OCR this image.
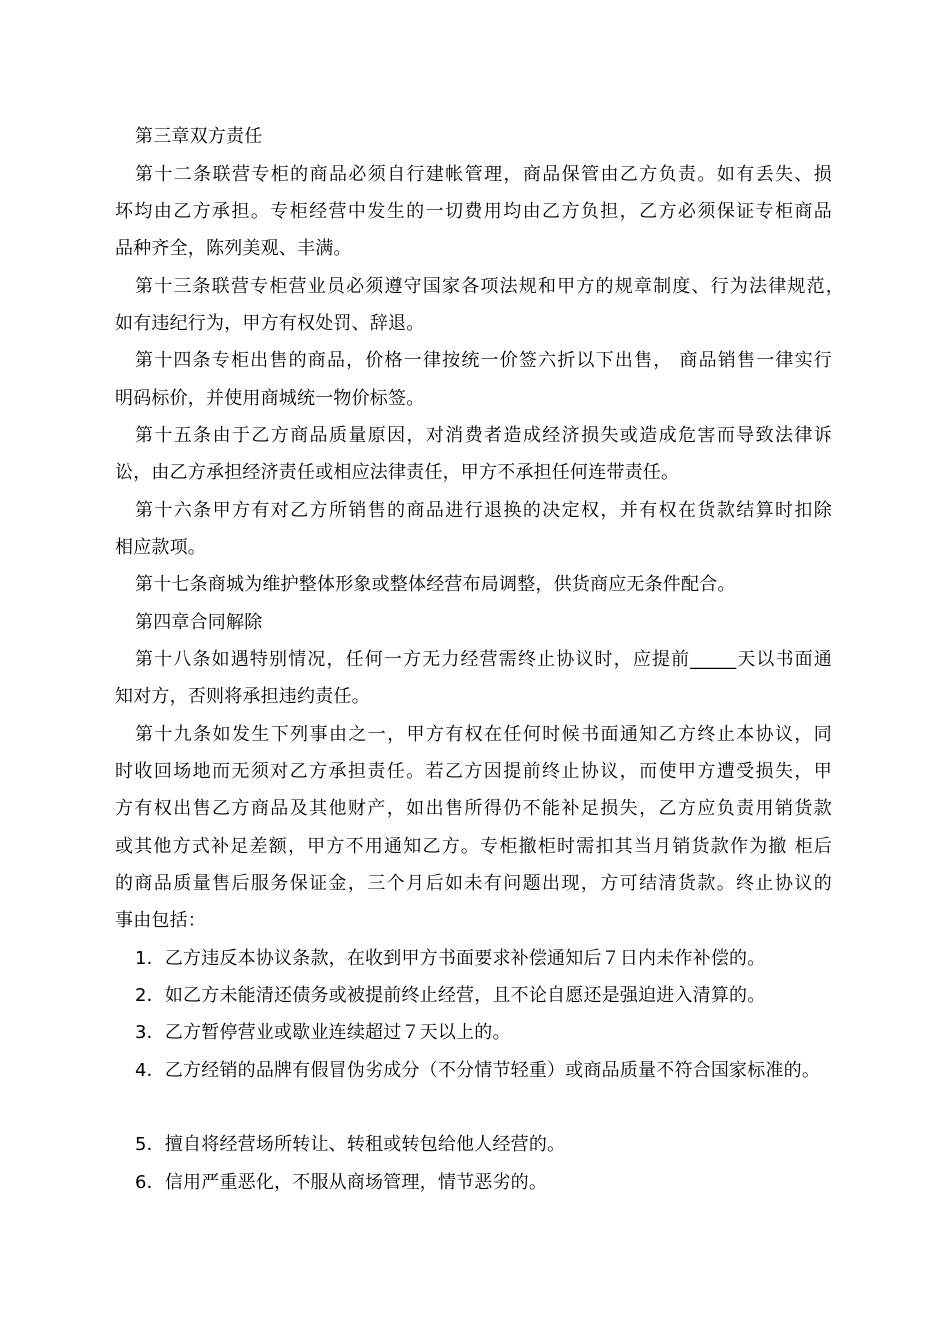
第三章双方责任
第十二条联营专柜的商品必须自行建帐管理，商品保管由乙方负责。如有丢失、损
坏均由乙方承担。专柜经营中发生的一切费用均由乙方负担，乙方必须保证专柜商品
品种齐全，陈列美观、丰满。
第十三条联营专柜营业员必须遵守国家各项法规和甲方的规章制度、行为法律规范，
如有违纪行为，甲方有权处罚、辞退。
第十四条专柜出售的商品，价格一律按统一价签六折以下出售， 商品销售一律实行
明码标价，并使用商城统一物价标签。
第十五条由于乙方商品质量原因，对消费者造成经济损失或造成危害而导致法律诉
讼，由乙方承担经济责任或相应法律责任，甲方不承担任何连带责任。
第十六条甲方有对乙方所销售的商品进行退换的决定权，并有权在货款结算时扣除
相应款项。
第十七条商城为维护整体形象或整体经营布局调整，供货商应无条件配合。
第四章合同解除
第十八条如遇特别情况，任何一方无力经营需终止协议时，应提前_____天以书面通
知对方，否则将承担违约责任。
第十九条如发生下列事由之一，甲方有权在任何时候书面通知乙方终止本协议，同
时收回场地而无须对乙方承担责任。若乙方因提前终止协议，而使甲方遭受损失，甲
方有权出售乙方商品及其他财产，如出售所得仍不能补足损失，乙方应负责用销货款
或其他方式补足差额，甲方不用通知乙方。专柜撤柜时需扣其当月销货款作为撤 柜后
的商品质量售后服务保证金，三个月后如未有问题出现，方可结清货款。终止协议的
事由包括：
1．乙方违反本协议条款，在收到甲方书面要求补偿通知后７日内未作补偿的。
2．如乙方未能清还债务或被提前终止经营，且不论自愿还是强迫进入清算的。
3．乙方暂停营业或歇业连续超过７天以上的。
4．乙方经销的品牌有假冒伪劣成分（不分情节轻重）或商品质量不符合国家标准的。
5．擅自将经营场所转让、转租或转包给他人经营的。
6．信用严重恶化，不服从商场管理，情节恶劣的。
